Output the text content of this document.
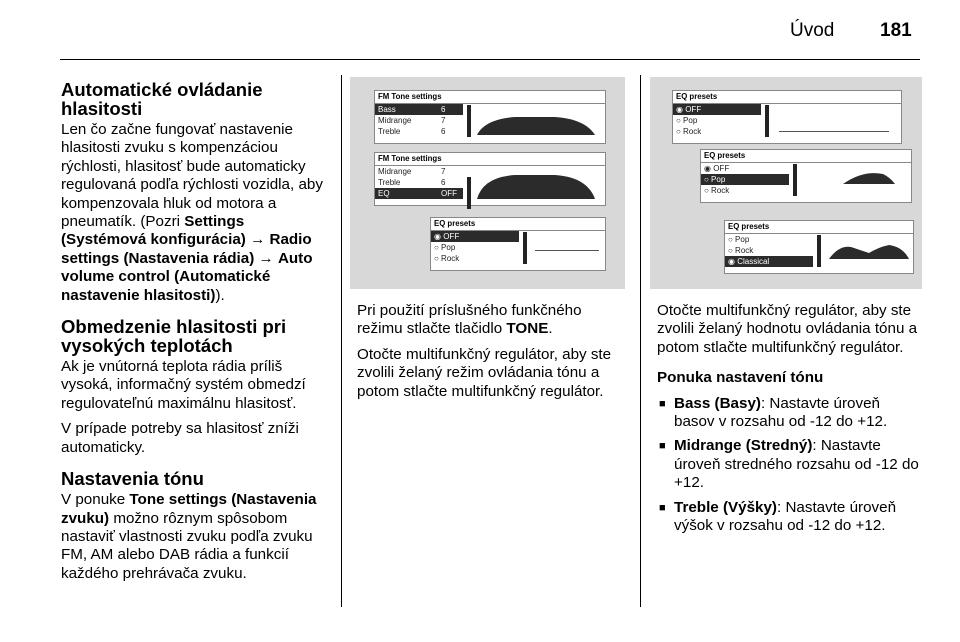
Úvod 181
Automatické ovládanie hlasitosti

Len čo začne fungovať nastavenie hlasitosti zvuku s kompenzáciou rýchlosti, hlasitosť bude automaticky regulovaná podľa rýchlosti vozidla, aby kompenzovala hluk od motora a pneumatík. (Pozri Settings (Systémová konfigurácia) → Radio settings (Nastavenia rádia) → Auto volume control (Automatické nastavenie hlasitosti)).

Obmedzenie hlasitosti pri vysokých teplotách

Ak je vnútorná teplota rádia príliš vysoká, informačný systém obmedzí regulovateľnú maximálnu hlasitosť.

V prípade potreby sa hlasitosť zníži automaticky.

Nastavenia tónu

V ponuke Tone settings (Nastavenia zvuku) možno rôznym spôsobom nastaviť vlastnosti zvuku podľa zvuku FM, AM alebo DAB rádia a funkcií každého prehrávača zvuku.

FM Tone settings
Bass	6
Midrange	7
Treble	6
FM Tone settings
Midrange	7
Treble	6
EQ	OFF
EQ presets
◉ OFF
○ Pop
○ Rock

Pri použití príslušného funkčného režimu stlačte tlačidlo TONE.

Otočte multifunkčný regulátor, aby ste zvolili želaný režim ovládania tónu a potom stlačte multifunkčný regulátor.

EQ presets
◉ OFF
○ Pop
○ Rock
EQ presets
◉ OFF
○ Pop
○ Rock
EQ presets
○ Pop
○ Rock
◉ Classical

Otočte multifunkčný regulátor, aby ste zvolili želaný hodnotu ovládania tónu a potom stlačte multifunkčný regulátor.

Ponuka nastavení tónu

■ Bass (Basy): Nastavte úroveň basov v rozsahu od -12 do +12.
■ Midrange (Stredný): Nastavte úroveň stredného rozsahu od -12 do +12.
■ Treble (Výšky): Nastavte úroveň výšok v rozsahu od -12 do +12.
